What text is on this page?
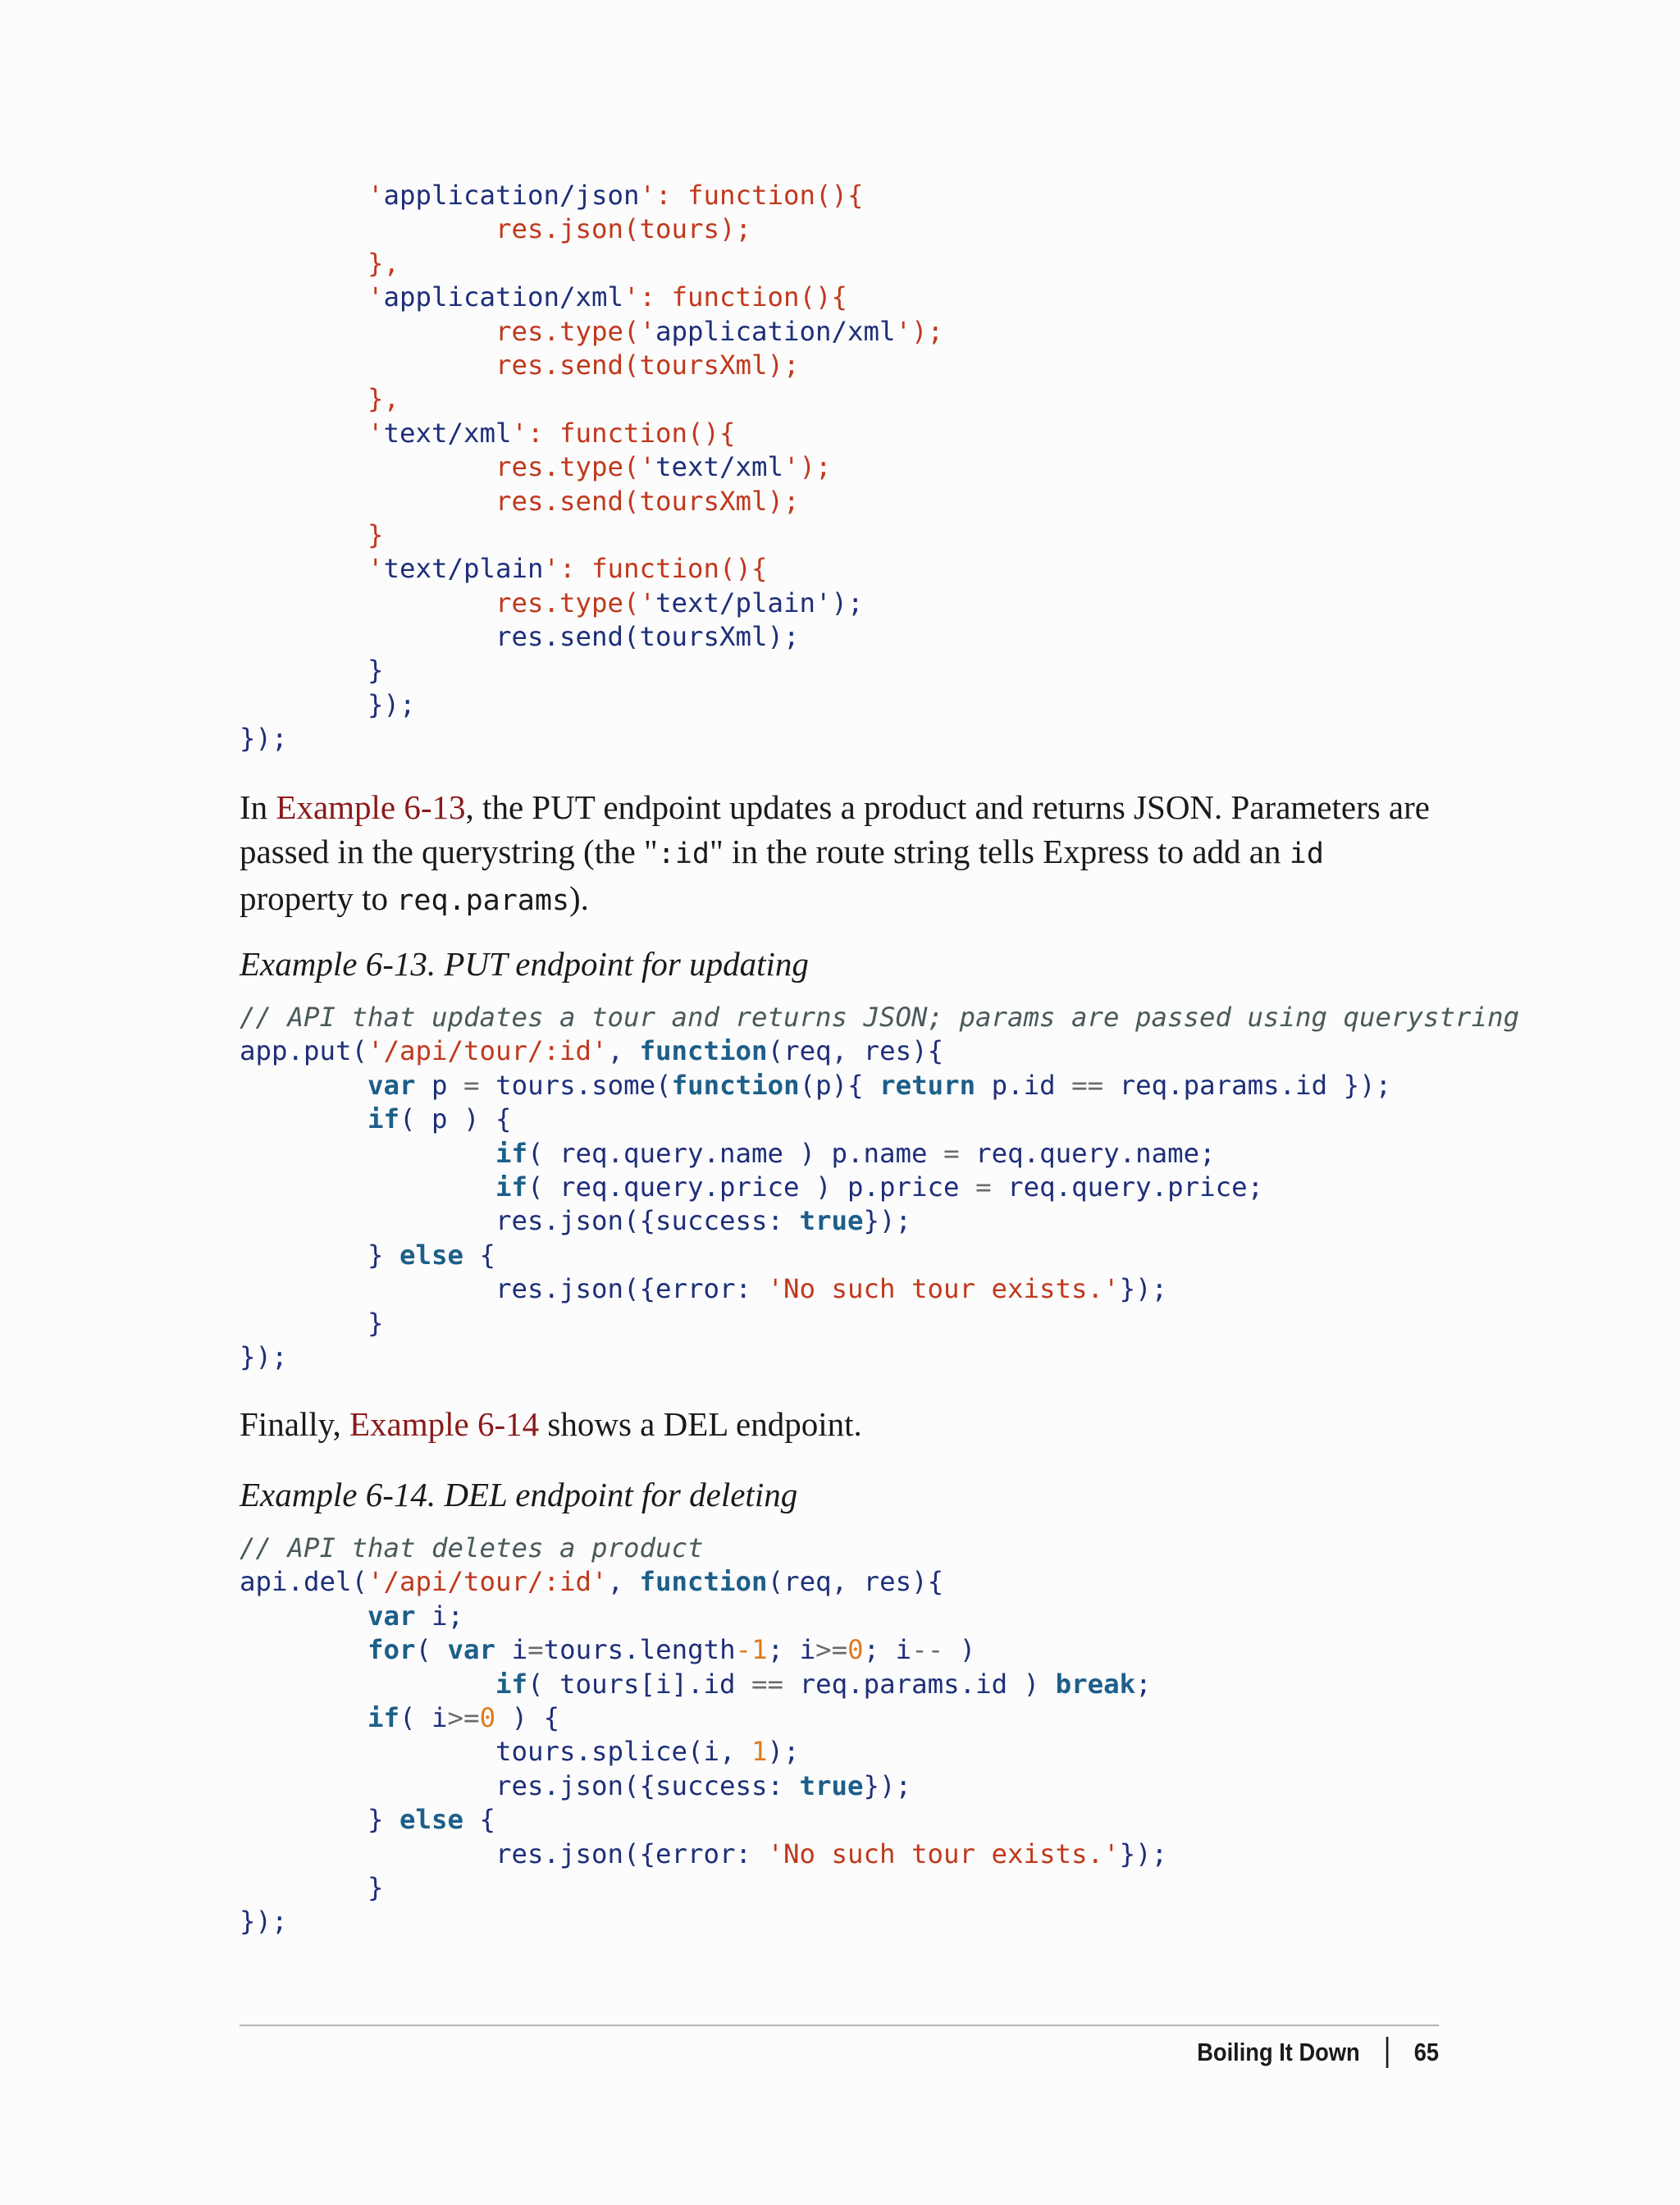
'application/json': function(){
res.json(tours);
},
'application/xml': function(){
res.type('application/xml');
res.send(toursXml);
},
'text/xml': function(){
res.type('text/xml');
res.send(toursXml);
}
'text/plain': function(){
res.type('text/plain');
res.send(toursXml);
}
});
});

In Example 6-13, the PUT endpoint updates a product and returns JSON. Parameters are passed in the querystring (the ":id" in the route string tells Express to add an id property to req.params).

Example 6-13. PUT endpoint for updating

// API that updates a tour and returns JSON; params are passed using querystring
app.put('/api/tour/:id', function(req, res){
var p = tours.some(function(p){ return p.id == req.params.id });
if( p ) {
if( req.query.name ) p.name = req.query.name;
if( req.query.price ) p.price = req.query.price;
res.json({success: true});
} else {
res.json({error: 'No such tour exists.'});
}
});

Finally, Example 6-14 shows a DEL endpoint.

Example 6-14. DEL endpoint for deleting

// API that deletes a product
api.del('/api/tour/:id', function(req, res){
var i;
for( var i=tours.length-1; i>=0; i-- )
if( tours[i].id == req.params.id ) break;
if( i>=0 ) {
tours.splice(i, 1);
res.json({success: true});
} else {
res.json({error: 'No such tour exists.'});
}
});
Boiling It Down 65
